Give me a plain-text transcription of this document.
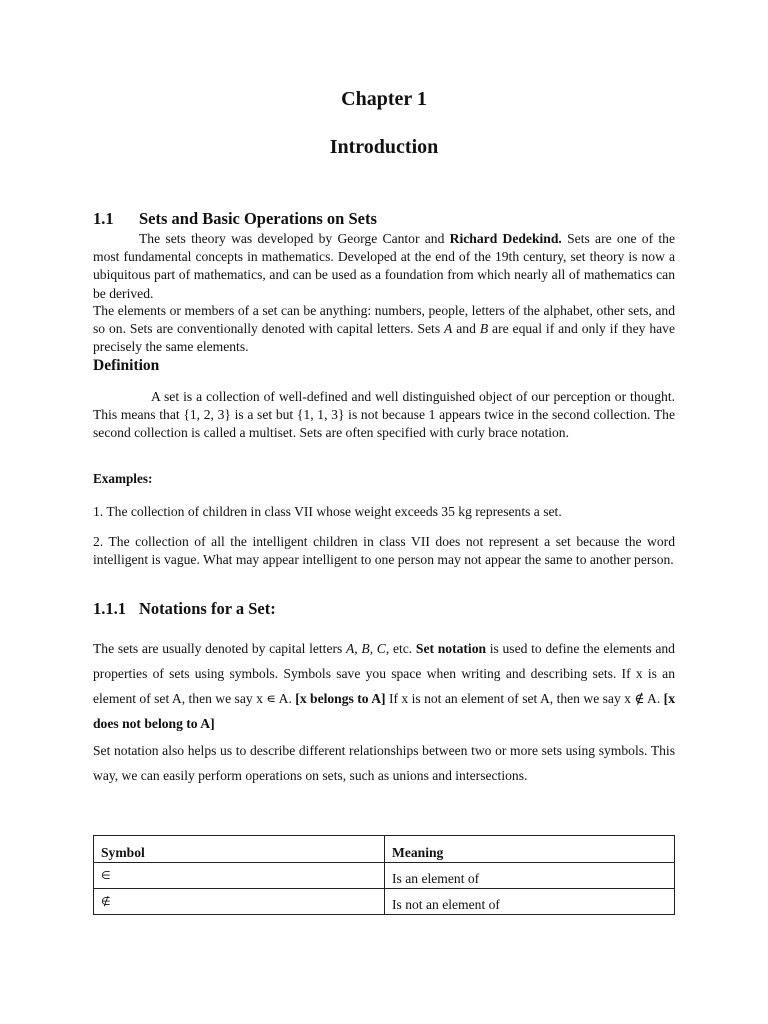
Chapter 1
Introduction
1.1 Sets and Basic Operations on Sets
The sets theory was developed by George Cantor and Richard Dedekind. Sets are one of the most fundamental concepts in mathematics. Developed at the end of the 19th century, set theory is now a ubiquitous part of mathematics, and can be used as a foundation from which nearly all of mathematics can be derived.
The elements or members of a set can be anything: numbers, people, letters of the alphabet, other sets, and so on. Sets are conventionally denoted with capital letters. Sets A and B are equal if and only if they have precisely the same elements.
Definition
A set is a collection of well-defined and well distinguished object of our perception or thought. This means that {1, 2, 3} is a set but {1, 1, 3} is not because 1 appears twice in the second collection. The second collection is called a multiset. Sets are often specified with curly brace notation.
Examples:
1. The collection of children in class VII whose weight exceeds 35 kg represents a set.
2. The collection of all the intelligent children in class VII does not represent a set because the word intelligent is vague. What may appear intelligent to one person may not appear the same to another person.
1.1.1 Notations for a Set:
The sets are usually denoted by capital letters A, B, C, etc. Set notation is used to define the elements and properties of sets using symbols. Symbols save you space when writing and describing sets. If x is an element of set A, then we say x ∊ A. [x belongs to A] If x is not an element of set A, then we say x ∉ A. [x does not belong to A]
Set notation also helps us to describe different relationships between two or more sets using symbols. This way, we can easily perform operations on sets, such as unions and intersections.
Symbol	Meaning
∈	Is an element of
∉	Is not an element of
